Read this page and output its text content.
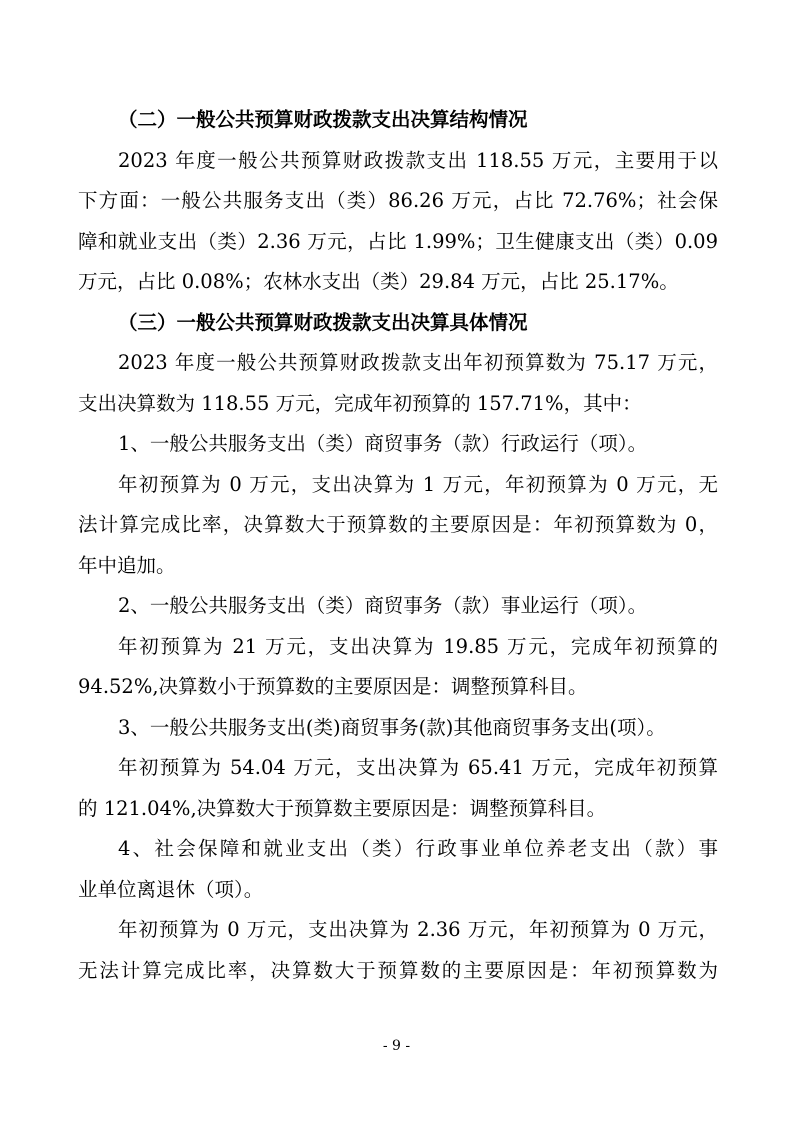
（二）一般公共预算财政拨款支出决算结构情况
2023 年度一般公共预算财政拨款支出 118.55 万元，主要用于以
下方面：一般公共服务支出（类）86.26 万元，占比 72.76%；社会保
障和就业支出（类）2.36 万元，占比 1.99%；卫生健康支出（类）0.09
万元，占比 0.08%；农林水支出（类）29.84 万元，占比 25.17%。
（三）一般公共预算财政拨款支出决算具体情况
2023 年度一般公共预算财政拨款支出年初预算数为 75.17 万元，
支出决算数为 118.55 万元，完成年初预算的 157.71%，其中：
1、一般公共服务支出（类）商贸事务（款）行政运行（项）。
年初预算为 0 万元，支出决算为 1 万元，年初预算为 0 万元，无
法计算完成比率，决算数大于预算数的主要原因是：年初预算数为 0，
年中追加。
2、一般公共服务支出（类）商贸事务（款）事业运行（项）。
年初预算为 21 万元，支出决算为 19.85 万元，完成年初预算的
94.52%,决算数小于预算数的主要原因是：调整预算科目。
3、一般公共服务支出(类)商贸事务(款)其他商贸事务支出(项）。
年初预算为 54.04 万元，支出决算为 65.41 万元，完成年初预算
的 121.04%,决算数大于预算数主要原因是：调整预算科目。
4、社会保障和就业支出（类）行政事业单位养老支出（款）事
业单位离退休（项）。
年初预算为 0 万元，支出决算为 2.36 万元，年初预算为 0 万元，
无法计算完成比率，决算数大于预算数的主要原因是：年初预算数为
- 9 -
